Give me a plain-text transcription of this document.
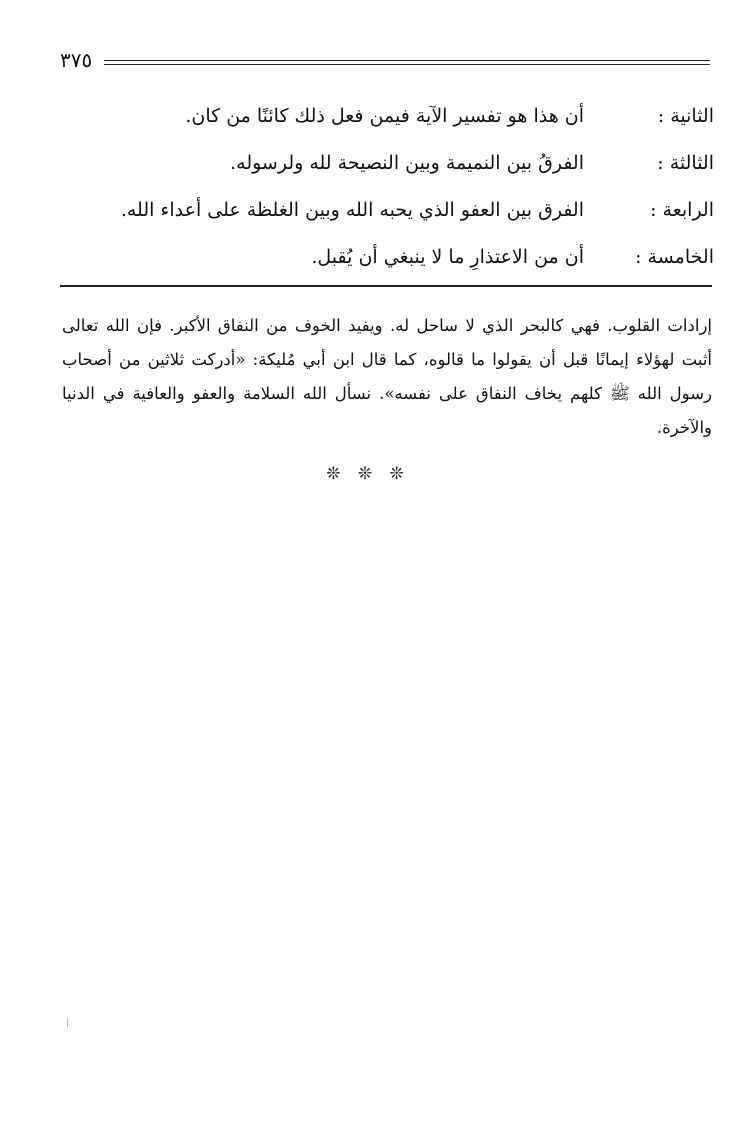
٣٧٥
الثانية :
أن هذا هو تفسير الآية فيمن فعل ذلك كائنًا من كان.
الثالثة :
الفرقُ بين النميمة وبين النصيحة لله ولرسوله.
الرابعة :
الفرق بين العفو الذي يحبه الله وبين الغلظة على أعداء الله.
الخامسة :
أن من الاعتذارِ ما لا ينبغي أن يُقبل.

إرادات القلوب. فهي كالبحر الذي لا ساحل له. ويفيد الخوف من النفاق الأكبر. فإن الله تعالى أثبت لهؤلاء إيمانًا قبل أن يقولوا ما قالوه، كما قال ابن أبي مُليكة: «أدركت ثلاثين من أصحاب رسول الله ﷺ كلهم يخاف النفاق على نفسه». نسأل الله السلامة والعفو والعافية في الدنيا والآخرة.

❊ ❊ ❊
